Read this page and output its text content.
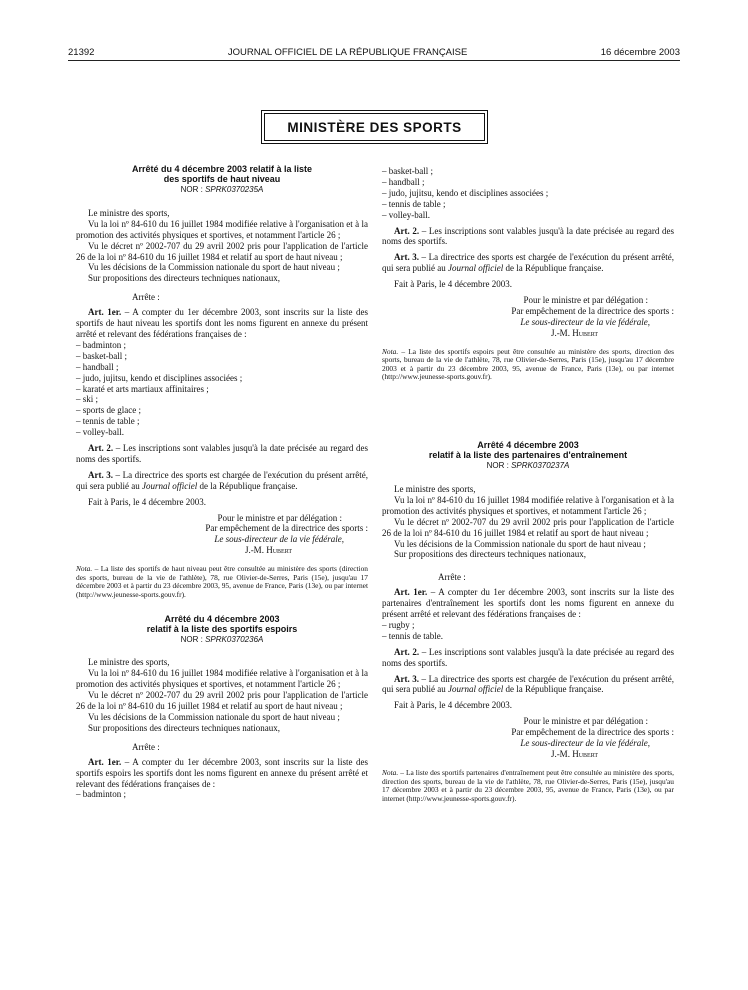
21392	JOURNAL OFFICIEL DE LA RÉPUBLIQUE FRANÇAISE	16 décembre 2003
MINISTÈRE DES SPORTS
Arrêté du 4 décembre 2003 relatif à la liste
des sportifs de haut niveau
NOR : SPRK0370235A

Le ministre des sports,

Vu la loi nº 84-610 du 16 juillet 1984 modifiée relative à l'organisation et à la promotion des activités physiques et sportives, et notamment l'article 26 ;

Vu le décret nº 2002-707 du 29 avril 2002 pris pour l'application de l'article 26 de la loi nº 84-610 du 16 juillet 1984 et relatif au sport de haut niveau ;

Vu les décisions de la Commission nationale du sport de haut niveau ;

Sur propositions des directeurs techniques nationaux,

Arrête :

Art. 1er. – A compter du 1er décembre 2003, sont inscrits sur la liste des sportifs de haut niveau les sportifs dont les noms figurent en annexe du présent arrêté et relevant des fédérations françaises de :

– badminton ;
– basket-ball ;
– handball ;
– judo, jujitsu, kendo et disciplines associées ;
– karaté et arts martiaux affinitaires ;
– ski ;
– sports de glace ;
– tennis de table ;
– volley-ball.

Art. 2. – Les inscriptions sont valables jusqu'à la date précisée au regard des noms des sportifs.

Art. 3. – La directrice des sports est chargée de l'exécution du présent arrêté, qui sera publié au Journal officiel de la République française.

Fait à Paris, le 4 décembre 2003.

Pour le ministre et par délégation :

Par empêchement de la directrice des sports :

Le sous-directeur de la vie fédérale,

J.-M. Hubert

Nota. – La liste des sportifs de haut niveau peut être consultée au ministère des sports (direction des sports, bureau de la vie de l'athlète), 78, rue Olivier-de-Serres, Paris (15e), jusqu'au 17 décembre 2003 et à partir du 23 décembre 2003, 95, avenue de France, Paris (13e), ou par internet (http://www.jeunesse-sports.gouv.fr).

Arrêté du 4 décembre 2003
relatif à la liste des sportifs espoirs
NOR : SPRK0370236A

Le ministre des sports,

Vu la loi nº 84-610 du 16 juillet 1984 modifiée relative à l'organisation et à la promotion des activités physiques et sportives, et notamment l'article 26 ;

Vu le décret nº 2002-707 du 29 avril 2002 pris pour l'application de l'article 26 de la loi nº 84-610 du 16 juillet 1984 et relatif au sport de haut niveau ;

Vu les décisions de la Commission nationale du sport de haut niveau ;

Sur propositions des directeurs techniques nationaux,

Arrête :

Art. 1er. – A compter du 1er décembre 2003, sont inscrits sur la liste des sportifs espoirs les sportifs dont les noms figurent en annexe du présent arrêté et relevant des fédérations françaises de :

– badminton ;
– basket-ball ;
– handball ;
– judo, jujitsu, kendo et disciplines associées ;
– tennis de table ;
– volley-ball.

Art. 2. – Les inscriptions sont valables jusqu'à la date précisée au regard des noms des sportifs.

Art. 3. – La directrice des sports est chargée de l'exécution du présent arrêté, qui sera publié au Journal officiel de la République française.

Fait à Paris, le 4 décembre 2003.

Pour le ministre et par délégation :

Par empêchement de la directrice des sports :

Le sous-directeur de la vie fédérale,

J.-M. Hubert

Nota. – La liste des sportifs espoirs peut être consultée au ministère des sports, direction des sports, bureau de la vie de l'athlète, 78, rue Olivier-de-Serres, Paris (15e), jusqu'au 17 décembre 2003 et à partir du 23 décembre 2003, 95, avenue de France, Paris (13e), ou par internet (http://www.jeunesse-sports.gouv.fr).

Arrêté 4 décembre 2003
relatif à la liste des partenaires d'entraînement
NOR : SPRK0370237A

Le ministre des sports,

Vu la loi nº 84-610 du 16 juillet 1984 modifiée relative à l'organisation et à la promotion des activités physiques et sportives, et notamment l'article 26 ;

Vu le décret nº 2002-707 du 29 avril 2002 pris pour l'application de l'article 26 de la loi nº 84-610 du 16 juillet 1984 et relatif au sport de haut niveau ;

Vu les décisions de la Commission nationale du sport de haut niveau ;

Sur propositions des directeurs techniques nationaux,

Arrête :

Art. 1er. – A compter du 1er décembre 2003, sont inscrits sur la liste des partenaires d'entraînement les sportifs dont les noms figurent en annexe du présent arrêté et relevant des fédérations françaises de :

– rugby ;
– tennis de table.

Art. 2. – Les inscriptions sont valables jusqu'à la date précisée au regard des noms des sportifs.

Art. 3. – La directrice des sports est chargée de l'exécution du présent arrêté, qui sera publié au Journal officiel de la République française.

Fait à Paris, le 4 décembre 2003.

Pour le ministre et par délégation :

Par empêchement de la directrice des sports :

Le sous-directeur de la vie fédérale,

J.-M. Hubert

Nota. – La liste des sportifs partenaires d'entraînement peut être consultée au ministère des sports, direction des sports, bureau de la vie de l'athlète, 78, rue Olivier-de-Serres, Paris (15e), jusqu'au 17 décembre 2003 et à partir du 23 décembre 2003, 95, avenue de France, Paris (13e), ou par internet (http://www.jeunesse-sports.gouv.fr).
